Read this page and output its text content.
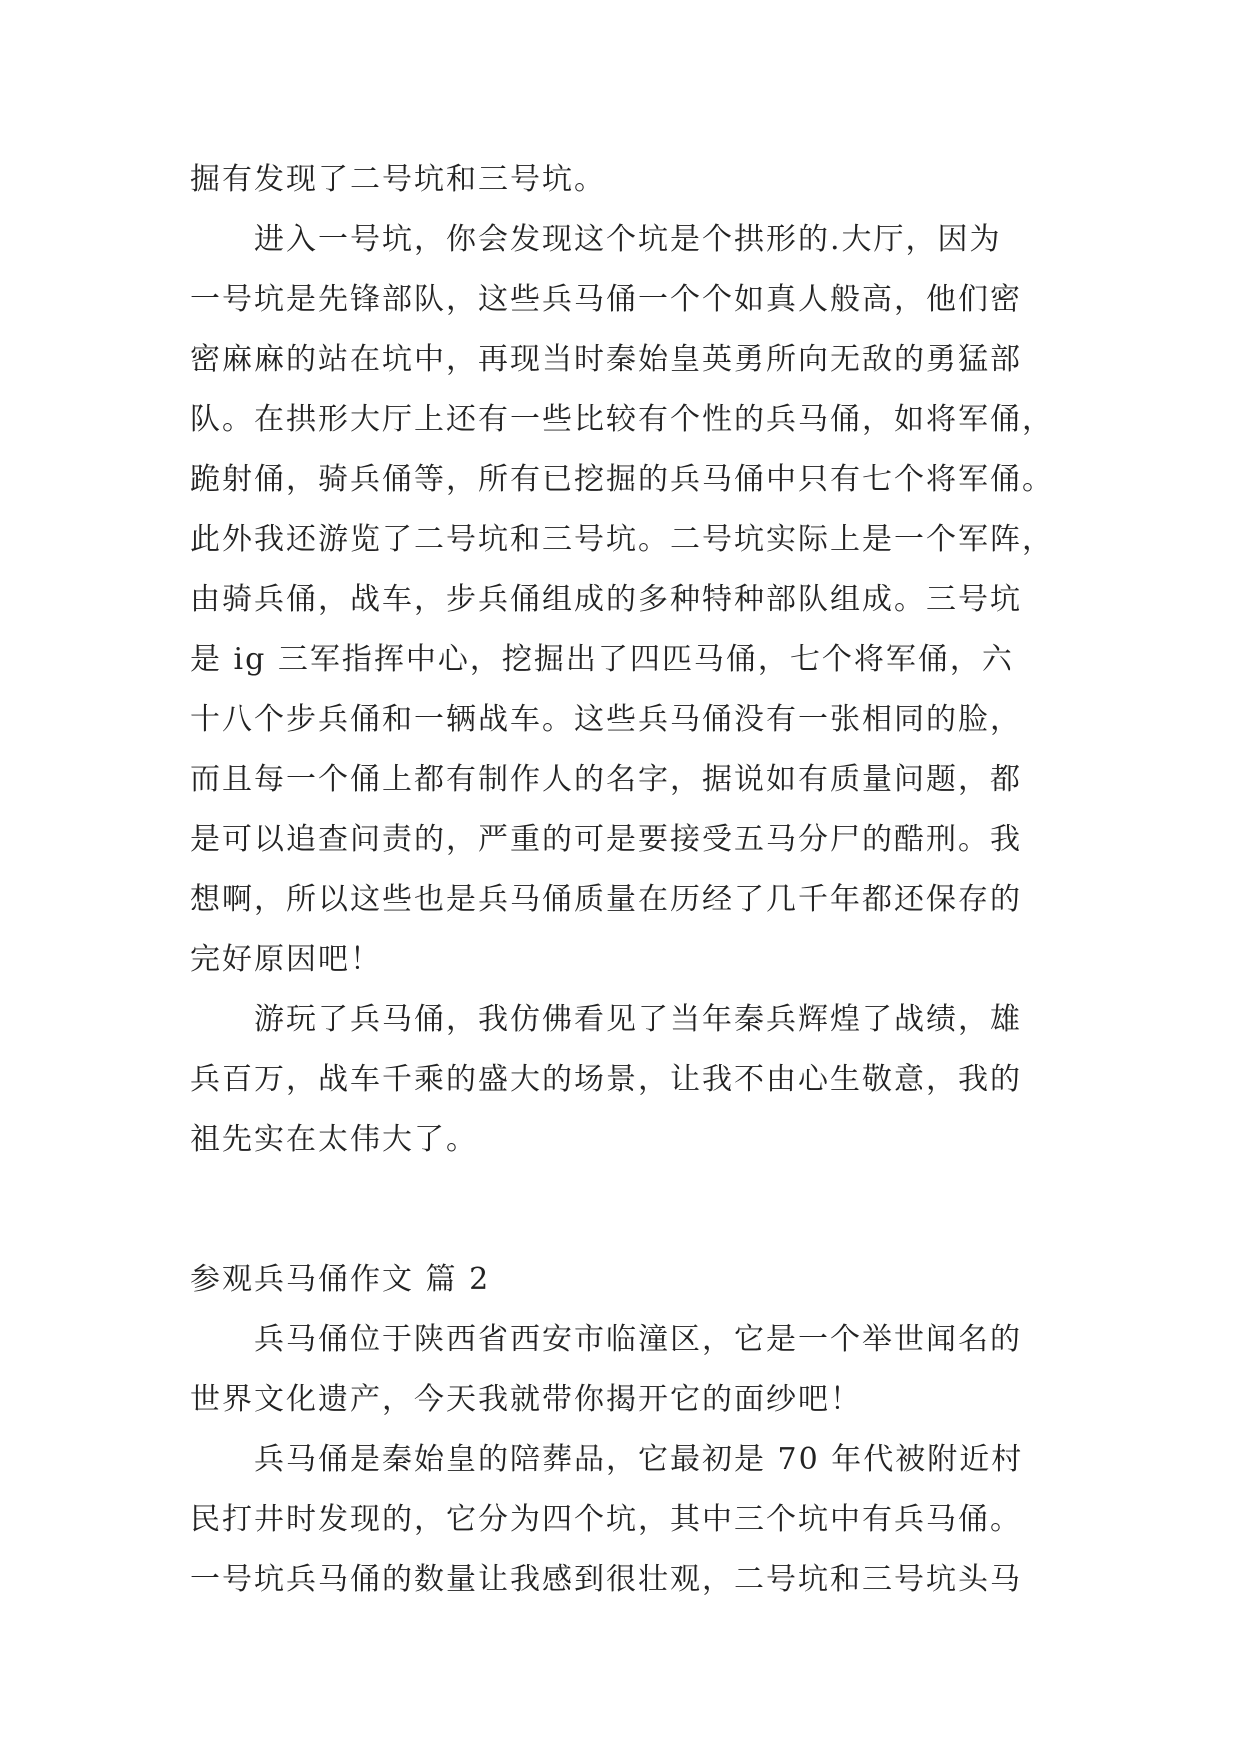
掘有发现了二号坑和三号坑。
进入一号坑，你会发现这个坑是个拱形的.大厅，因为
一号坑是先锋部队，这些兵马俑一个个如真人般高，他们密
密麻麻的站在坑中，再现当时秦始皇英勇所向无敌的勇猛部
队。在拱形大厅上还有一些比较有个性的兵马俑，如将军俑，
跪射俑，骑兵俑等，所有已挖掘的兵马俑中只有七个将军俑。
此外我还游览了二号坑和三号坑。二号坑实际上是一个军阵，
由骑兵俑，战车，步兵俑组成的多种特种部队组成。三号坑
是 ig 三军指挥中心，挖掘出了四匹马俑，七个将军俑，六
十八个步兵俑和一辆战车。这些兵马俑没有一张相同的脸，
而且每一个俑上都有制作人的名字，据说如有质量问题，都
是可以追查问责的，严重的可是要接受五马分尸的酷刑。我
想啊，所以这些也是兵马俑质量在历经了几千年都还保存的
完好原因吧！
游玩了兵马俑，我仿佛看见了当年秦兵辉煌了战绩，雄
兵百万，战车千乘的盛大的场景，让我不由心生敬意，我的
祖先实在太伟大了。
参观兵马俑作文 篇 2
兵马俑位于陕西省西安市临潼区，它是一个举世闻名的
世界文化遗产，今天我就带你揭开它的面纱吧！
兵马俑是秦始皇的陪葬品，它最初是 70 年代被附近村
民打井时发现的，它分为四个坑，其中三个坑中有兵马俑。
一号坑兵马俑的数量让我感到很壮观，二号坑和三号坑头马
